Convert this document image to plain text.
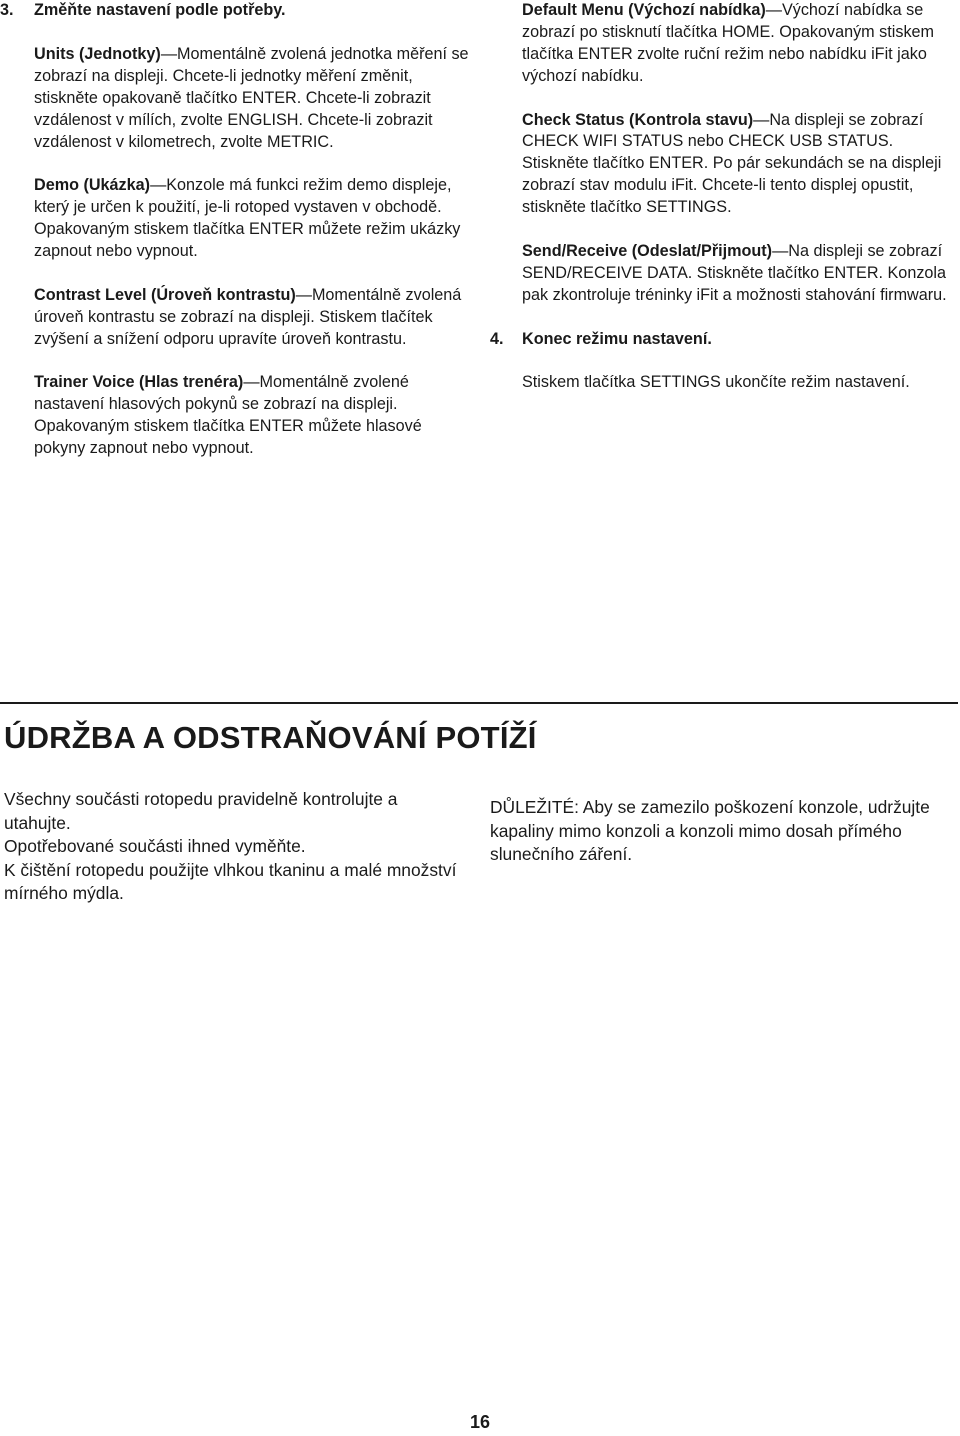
3.	Změňte nastavení podle potřeby.
Units (Jednotky)—Momentálně zvolená jednotka měření se zobrazí na displeji. Chcete-li jednotky měření změnit, stiskněte opakovaně tlačítko ENTER. Chcete-li zobrazit vzdálenost v mílích, zvolte ENGLISH. Chcete-li zobrazit vzdálenost v kilometrech, zvolte METRIC.
Demo (Ukázka)—Konzole má funkci režim demo displeje, který je určen k použití, je-li rotoped vystaven v obchodě. Opakovaným stiskem tlačítka ENTER můžete režim ukázky zapnout nebo vypnout.
Contrast Level (Úroveň kontrastu)—Momentálně zvolená úroveň kontrastu se zobrazí na displeji. Stiskem tlačítek zvýšení a snížení odporu upravíte úroveň kontrastu.
Trainer Voice (Hlas trenéra)—Momentálně zvolené nastavení hlasových pokynů se zobrazí na displeji. Opakovaným stiskem tlačítka ENTER můžete hlasové pokyny zapnout nebo vypnout.
Default Menu (Výchozí nabídka)—Výchozí nabídka se zobrazí po stisknutí tlačítka HOME. Opakovaným stiskem tlačítka ENTER zvolte ruční režim nebo nabídku iFit jako výchozí nabídku.
Check Status (Kontrola stavu)—Na displeji se zobrazí CHECK WIFI STATUS nebo CHECK USB STATUS. Stiskněte tlačítko ENTER. Po pár sekundách se na displeji zobrazí stav modulu iFit. Chcete-li tento displej opustit, stiskněte tlačítko SETTINGS.
Send/Receive (Odeslat/Přijmout)—Na displeji se zobrazí SEND/RECEIVE DATA. Stiskněte tlačítko ENTER. Konzola pak zkontroluje tréninky iFit a možnosti stahování firmwaru.
4.	Konec režimu nastavení.
Stiskem tlačítka SETTINGS ukončíte režim nastavení.
ÚDRŽBA A ODSTRAŇOVÁNÍ POTÍŽÍ
Všechny součásti rotopedu pravidelně kontrolujte a utahujte.
Opotřebované součásti ihned vyměňte.
K čištění rotopedu použijte vlhkou tkaninu a malé množství mírného mýdla.
DŮLEŽITÉ: Aby se zamezilo poškození konzole, udržujte kapaliny mimo konzoli a konzoli mimo dosah přímého slunečního záření.
16
